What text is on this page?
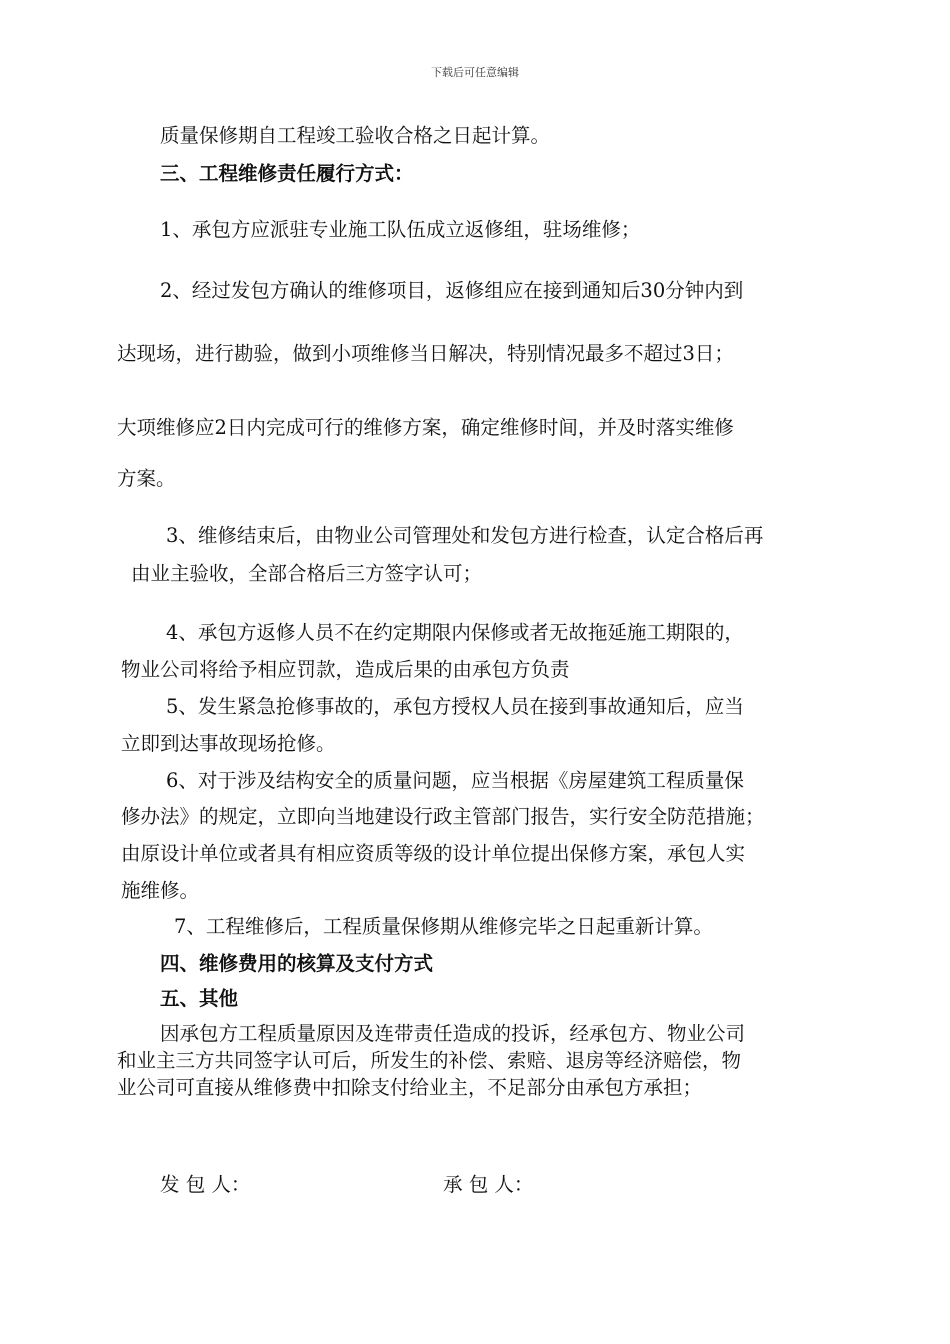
下载后可任意编辑
质量保修期自工程竣工验收合格之日起计算。
三、工程维修责任履行方式：
1、承包方应派驻专业施工队伍成立返修组，驻场维修；
2、经过发包方确认的维修项目，返修组应在接到通知后30分钟内到
达现场，进行勘验，做到小项维修当日解决，特别情况最多不超过3日；
大项维修应2日内完成可行的维修方案，确定维修时间，并及时落实维修
方案。
3、维修结束后，由物业公司管理处和发包方进行检查，认定合格后再
由业主验收，全部合格后三方签字认可；
4、承包方返修人员不在约定期限内保修或者无故拖延施工期限的，
物业公司将给予相应罚款，造成后果的由承包方负责
5、发生紧急抢修事故的，承包方授权人员在接到事故通知后，应当
立即到达事故现场抢修。
6、对于涉及结构安全的质量问题，应当根据《房屋建筑工程质量保
修办法》的规定，立即向当地建设行政主管部门报告，实行安全防范措施；
由原设计单位或者具有相应资质等级的设计单位提出保修方案，承包人实
施维修。
7、工程维修后，工程质量保修期从维修完毕之日起重新计算。
四、维修费用的核算及支付方式
五、其他
因承包方工程质量原因及连带责任造成的投诉，经承包方、物业公司
和业主三方共同签字认可后，所发生的补偿、索赔、退房等经济赔偿，物
业公司可直接从维修费中扣除支付给业主，不足部分由承包方承担；
发 包 人：	承 包 人：
